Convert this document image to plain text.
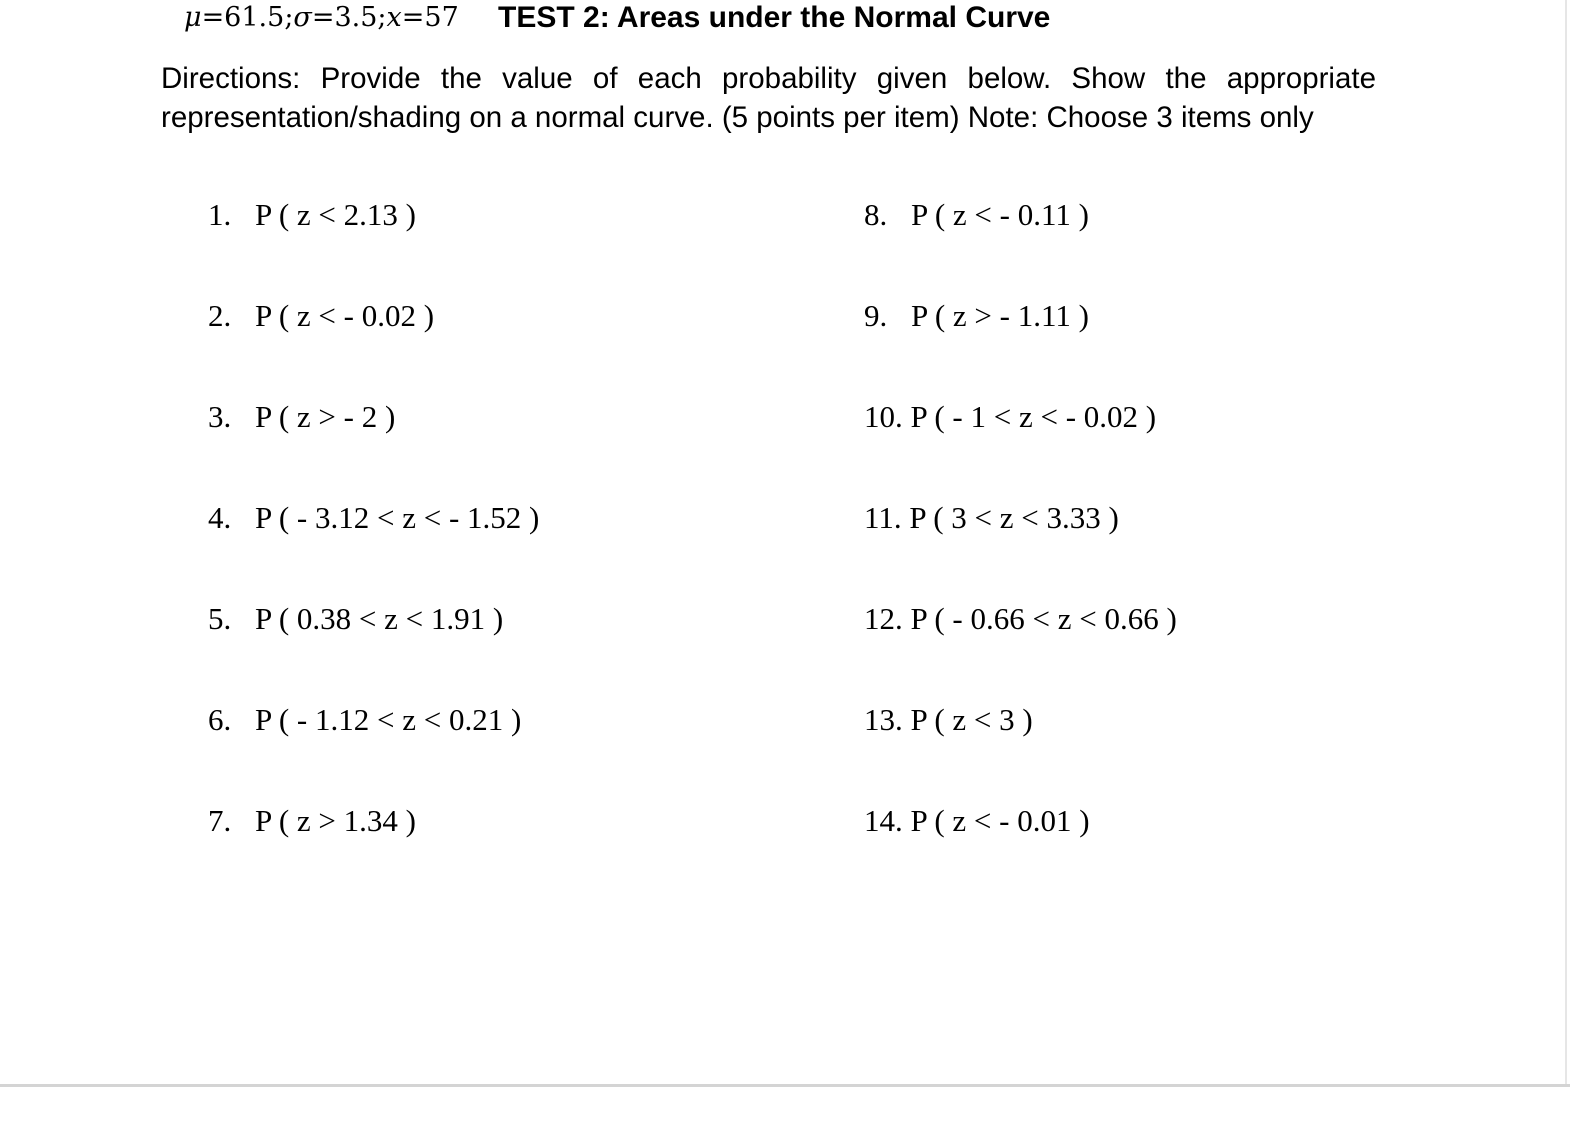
μ=61.5;σ=3.5;x=57 TEST 2: Areas under the Normal Curve
Directions: Provide the value of each probability given below. Show the appropriate representation/shading on a normal curve. (5 points per item) Note: Choose 3 items only
1. P ( z < 2.13 )
2. P ( z < - 0.02 )
3. P ( z > - 2 )
4. P ( - 3.12 < z < - 1.52 )
5. P ( 0.38 < z < 1.91 )
6. P ( - 1.12 < z < 0.21 )
7. P ( z > 1.34 )
8. P ( z < - 0.11 )
9. P ( z > - 1.11 )
10. P ( - 1 < z < - 0.02 )
11. P ( 3 < z < 3.33 )
12. P ( - 0.66 < z < 0.66 )
13. P ( z < 3 )
14. P ( z < - 0.01 )
